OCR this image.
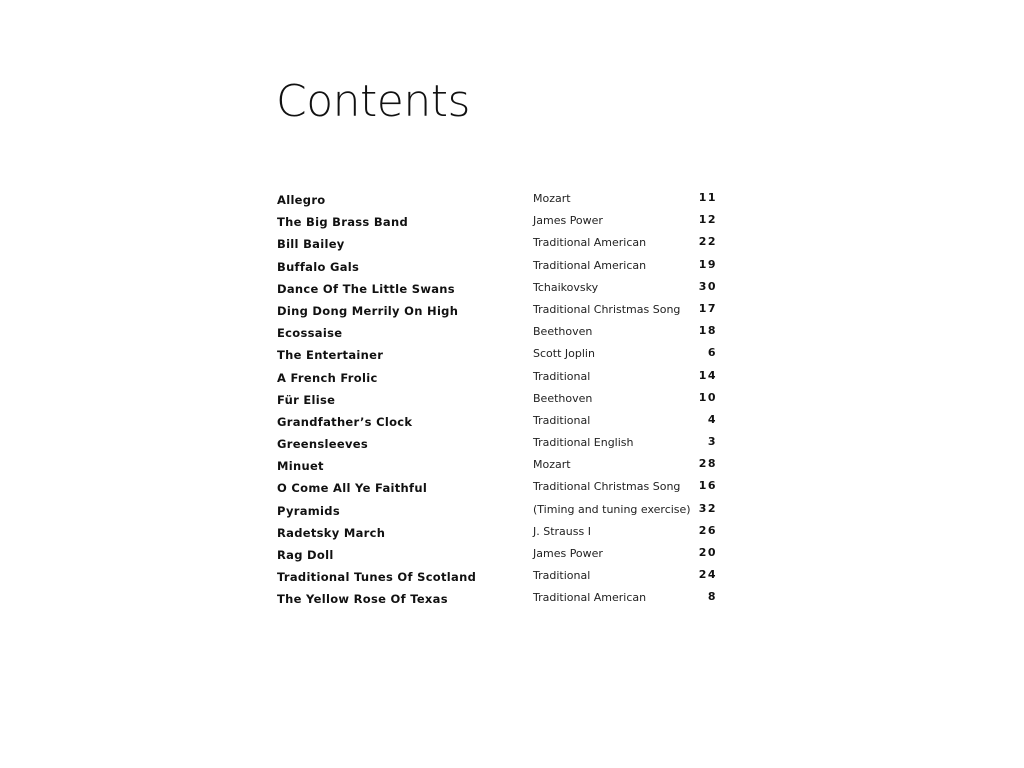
Contents
Allegro	Mozart	11
The Big Brass Band	James Power	12
Bill Bailey	Traditional American	22
Buffalo Gals	Traditional American	19
Dance Of The Little Swans	Tchaikovsky	30
Ding Dong Merrily On High	Traditional Christmas Song 17
Ecossaise	Beethoven	18
The Entertainer	Scott Joplin	6
A French Frolic	Traditional	14
Für Elise	Beethoven	10
Grandfather’s Clock	Traditional	4
Greensleeves	Traditional English	3
Minuet	Mozart	28
O Come All Ye Faithful	Traditional Christmas Song 16
Pyramids	(Timing and tuning exercise) 32
Radetsky March	J. Strauss I	26
Rag Doll	James Power	20
Traditional Tunes Of Scotland	Traditional	24
The Yellow Rose Of Texas	Traditional American	8
